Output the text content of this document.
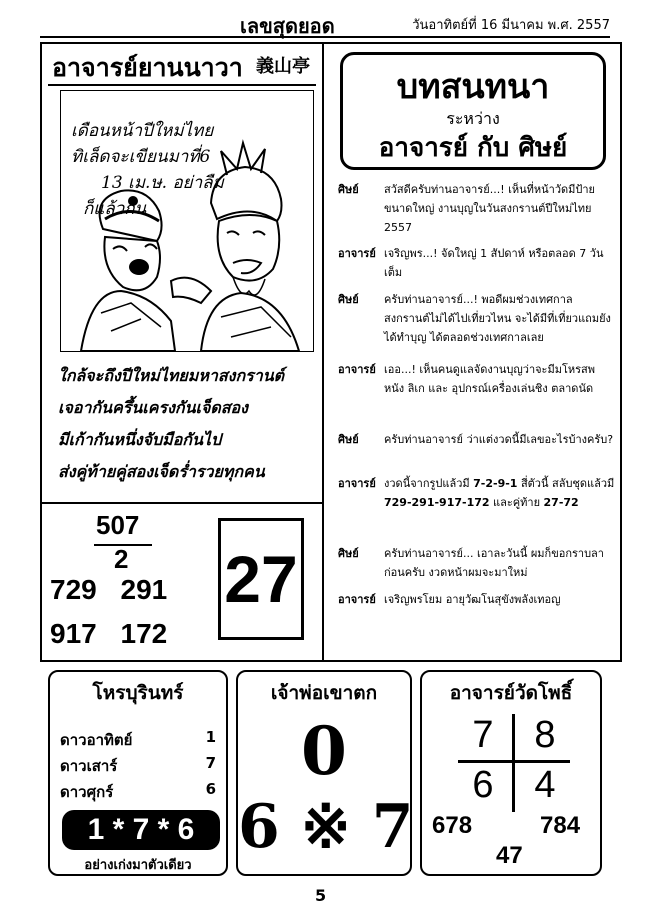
เลขสุดยอด	วันอาทิตย์ที่ 16 มีนาคม พ.ศ. 2557
อาจารย์ยานนาวา 義山亭
เดือนหน้าปีใหม่ไทย
ทิเล็ดจะเขียนมาที่6
13 เม.ษ. อย่าลืม
ก็แล้วกัน
ใกล้จะถึงปีใหม่ไทยมหาสงกรานต์
เจอากันครึ้นเครงกันเจ็ดสอง
มีเก้ากันหนึ่งจับมือกันไป
ส่งคู่ท้ายคู่สองเจ็ดร่ำรวยทุกคน
507
2
729 291
917 172
27
บทสนทนา
ระหว่าง
อาจารย์ กับ ศิษย์
ศิษย์ สวัสดีครับท่านอาจารย์...! เห็นที่หน้าวัดมีป้ายขนาดใหญ่ งานบุญในวันสงกรานต์ปีใหม่ไทย 2557
อาจารย์ เจริญพร...! จัดใหญ่ 1 สัปดาห์ หรือตลอด 7 วัน เต็ม
ศิษย์ ครับท่านอาจารย์...! พอดีผมช่วงเทศกาลสงกรานต์ไม่ได้ไปเที่ยวไหน จะได้มีที่เที่ยวแถมยังได้ทำบุญ ได้ตลอดช่วงเทศกาลเลย
อาจารย์ เออ...! เห็นคนดูแลจัดงานบุญว่าจะมีมโหรสพ หนัง ลิเก และ อุปกรณ์เครื่องเล่นชิง ตลาดนัด
ศิษย์ ครับท่านอาจารย์ ว่าแต่งวดนี้มีเลขอะไรบ้างครับ?
อาจารย์ งวดนี้จากรูปแล้วมี 7-2-9-1 สี่ตัวนี้ สลับชุดแล้วมี 729-291-917-172 และคู่ท้าย 27-72
ศิษย์ ครับท่านอาจารย์... เอาละวันนี้ ผมก็ขอกราบลาก่อนครับ งวดหน้าผมจะมาใหม่
อาจารย์ เจริญพรโยม อายุวัฒโนสุขังพลังเทอญ
โหรบุรินทร์
ดาวอาทิตย์	1
ดาวเสาร์	7
ดาวศุกร์	6
1 * 7 * 6
อย่างเก่งมาตัวเดียว
เจ้าพ่อเขาตก
0
6 ※ 7
อาจารย์วัดโพธิ์
7	8
6	4
678	784
47
5
